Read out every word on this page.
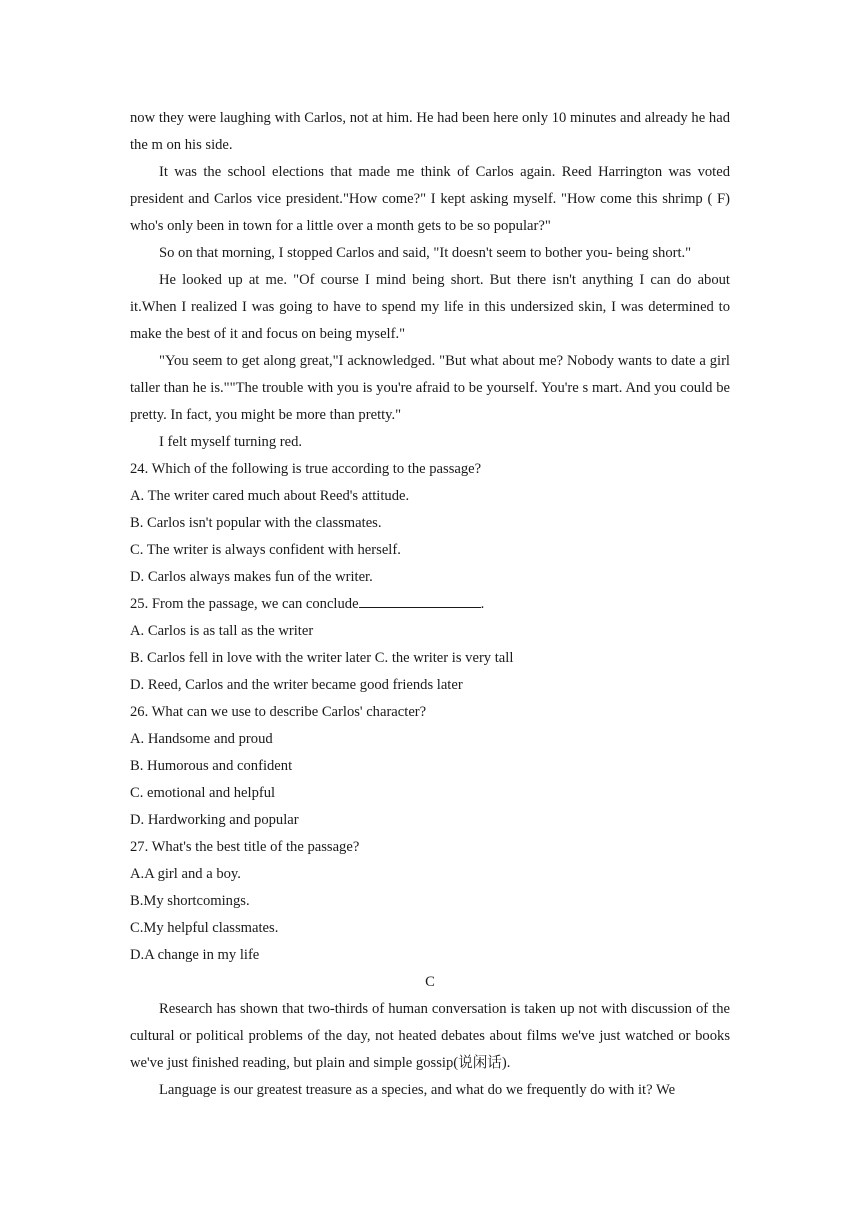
now they were laughing with Carlos, not at him. He had been here only 10 minutes and already he had the m on his side.

It was the school elections that made me think of Carlos again. Reed Harrington was voted president and Carlos vice president."How come?" I kept asking myself. "How come this shrimp ( F) who's only been in town for a little over a month gets to be so popular?"

So on that morning, I stopped Carlos and said, "It doesn't seem to bother you- being short."

He looked up at me. "Of course I mind being short. But there isn't anything I can do about it.When I realized I was going to have to spend my life in this undersized skin, I was determined to make the best of it and focus on being myself."

"You seem to get along great,"I acknowledged. "But what about me? Nobody wants to date a girl taller than he is.""The trouble with you is you're afraid to be yourself. You're s mart. And you could be pretty. In fact, you might be more than pretty."

I felt myself turning red.

24. Which of the following is true according to the passage?

A. The writer cared much about Reed's attitude.

B. Carlos isn't popular with the classmates.

C. The writer is always confident with herself.

D. Carlos always makes fun of the writer.

25. From the passage, we can conclude	.

A. Carlos is as tall as the writer

B. Carlos fell in love with the writer later C. the writer is very tall

D. Reed, Carlos and the writer became good friends later

26. What can we use to describe Carlos' character?

A. Handsome and proud

B. Humorous and confident

C. emotional and helpful

D. Hardworking and popular

27. What's the best title of the passage?

A.A girl and a boy.

B.My shortcomings.

C.My helpful classmates.

D.A change in my life

C

Research has shown that two-thirds of human conversation is taken up not with discussion of the cultural or political problems of the day, not heated debates about films we've just watched or books we've just finished reading, but plain and simple gossip(说闲话).

Language is our greatest treasure as a species, and what do we frequently do with it? We
